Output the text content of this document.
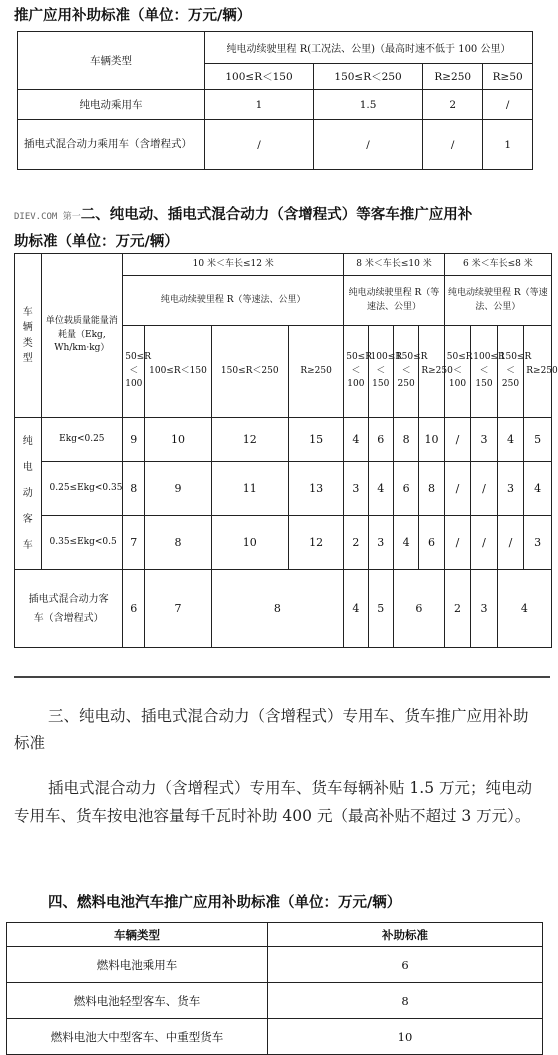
推广应用补助标准（单位：万元/辆）
车辆类型	纯电动续驶里程 R(工况法、公里)（最高时速不低于 100 公里）			
	100≤R＜150	150≤R＜250	R≥250	R≥50
纯电动乘用车	1	1.5	2	/
插电式混合动力乘用车（含增程式）	/	/	/	1
DIEV.COM 第一二、纯电动、插电式混合动力（含增程式）等客车推广应用补
助标准（单位：万元/辆）
车辆类型	单位载质量能量消耗量（Ekg, Wh/km·kg）	10 米＜车长≤12 米				8 米＜车长≤10 米				6 米＜车长≤8 米			
		纯电动续驶里程 R（等速法、公里）				纯电动续驶里程 R（等速法、公里）				纯电动续驶里程 R（等速法、公里）			
		50≤R＜100	100≤R＜150	150≤R＜250	R≥250	50≤R＜100	100≤R＜150	150≤R＜250	R≥250	50≤R＜100	100≤R＜150	150≤R＜250	R≥250
纯电动客车	Ekg<0.25	9	10	12	15	4	6	8	10	/	3	4	5
	0.25≤Ekg<0.35	8	9	11	13	3	4	6	8	/	/	3	4
	0.35≤Ekg<0.5	7	8	10	12	2	3	4	6	/	/	/	3
插电式混合动力客车（含增程式）		6	7	8		4	5	6		2	3	4	
三、纯电动、插电式混合动力（含增程式）专用车、货车推广应用补助标准
插电式混合动力（含增程式）专用车、货车每辆补贴 1.5 万元；纯电动专用车、货车按电池容量每千瓦时补助 400 元（最高补贴不超过 3 万元）。
四、燃料电池汽车推广应用补助标准（单位：万元/辆）
车辆类型	补助标准
燃料电池乘用车	6
燃料电池轻型客车、货车	8
燃料电池大中型客车、中重型货车	10
